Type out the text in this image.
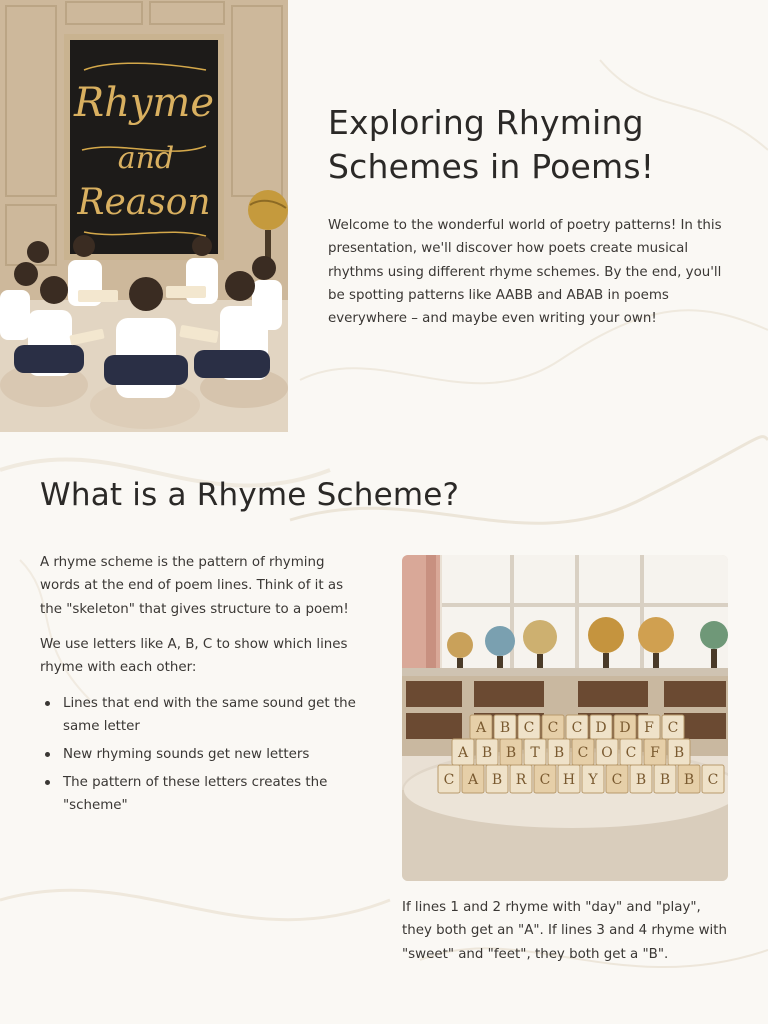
Rhyme
and
Reason
Exploring Rhyming
Schemes in Poems!

Welcome to the wonderful world of poetry patterns! In this presentation, we'll discover how poets create musical rhythms using different rhyme schemes. By the end, you'll be spotting patterns like AABB and ABAB in poems everywhere – and maybe even writing your own!

What is a Rhyme Scheme?

A rhyme scheme is the pattern of rhyming words at the end of poem lines. Think of it as the "skeleton" that gives structure to a poem!

We use letters like A, B, C to show which lines rhyme with each other:

Lines that end with the same sound get the same letter
New rhyming sounds get new letters
The pattern of these letters creates the "scheme"
A B C C C D D F C
A B B T B C O C F B
C A B R C H Y C B B B C

If lines 1 and 2 rhyme with "day" and "play", they both get an "A". If lines 3 and 4 rhyme with "sweet" and "feet", they both get a "B".
